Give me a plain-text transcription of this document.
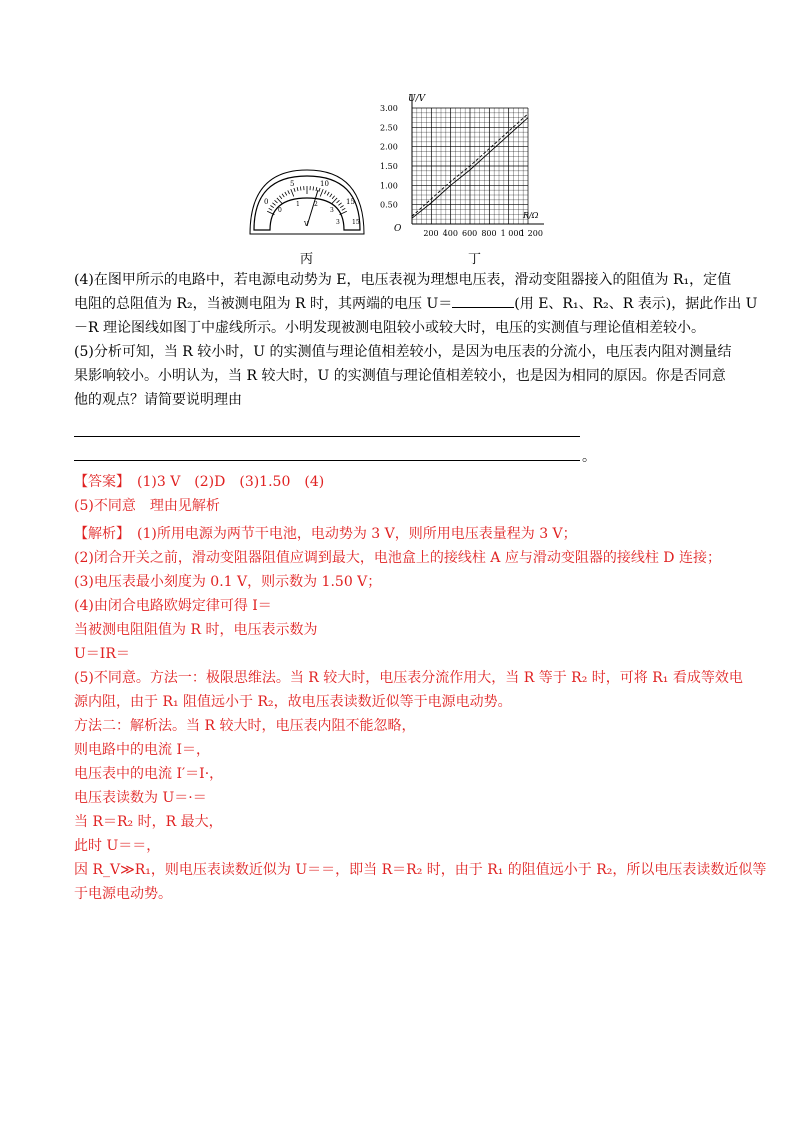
0
5	10
15
0
1 2
3
V	3 15
丙
3.00
2.50
2.00
1.50
1.00
0.50
200 400 600 800 1 000
1 200
U/V
R/Ω
O
丁
(4)在图甲所示的电路中，若电源电动势为 E，电压表视为理想电压表，滑动变阻器接入的阻值为 R₁，定值
电阻的总阻值为 R₂，当被测电阻为 R 时，其两端的电压 U＝	(用 E、R₁、R₂、R 表示)，据此作出 U
－R 理论图线如图丁中虚线所示。小明发现被测电阻较小或较大时，电压的实测值与理论值相差较小。
(5)分析可知，当 R 较小时，U 的实测值与理论值相差较小，是因为电压表的分流小，电压表内阻对测量结
果影响较小。小明认为，当 R 较大时，U 的实测值与理论值相差较小，也是因为相同的原因。你是否同意
他的观点？请简要说明理由
。
【答案】　 (1)3 V　(2)D　(3)1.50　(4)
(5)不同意　理由见解析
【解析】　 (1)所用电源为两节干电池，电动势为 3 V，则所用电压表量程为 3 V；
(2)闭合开关之前，滑动变阻器阻值应调到最大，电池盒上的接线柱 A 应与滑动变阻器的接线柱 D 连接；
(3)电压表最小刻度为 0.1 V，则示数为 1.50 V；
(4)由闭合电路欧姆定律可得 I＝
当被测电阻阻值为 R 时，电压表示数为
U＝IR＝
(5)不同意。方法一：极限思维法。当 R 较大时，电压表分流作用大，当 R 等于 R₂ 时，可将 R₁ 看成等效电
源内阻，由于 R₁ 阻值远小于 R₂，故电压表读数近似等于电源电动势。
方法二：解析法。当 R 较大时，电压表内阻不能忽略，
则电路中的电流 I＝，
电压表中的电流 I′＝I·，
电压表读数为 U＝·＝
当 R＝R₂ 时，R 最大，
此时 U＝＝，
因 R_V≫R₁，则电压表读数近似为 U＝＝，即当 R＝R₂ 时，由于 R₁ 的阻值远小于 R₂，所以电压表读数近似等
于电源电动势。
